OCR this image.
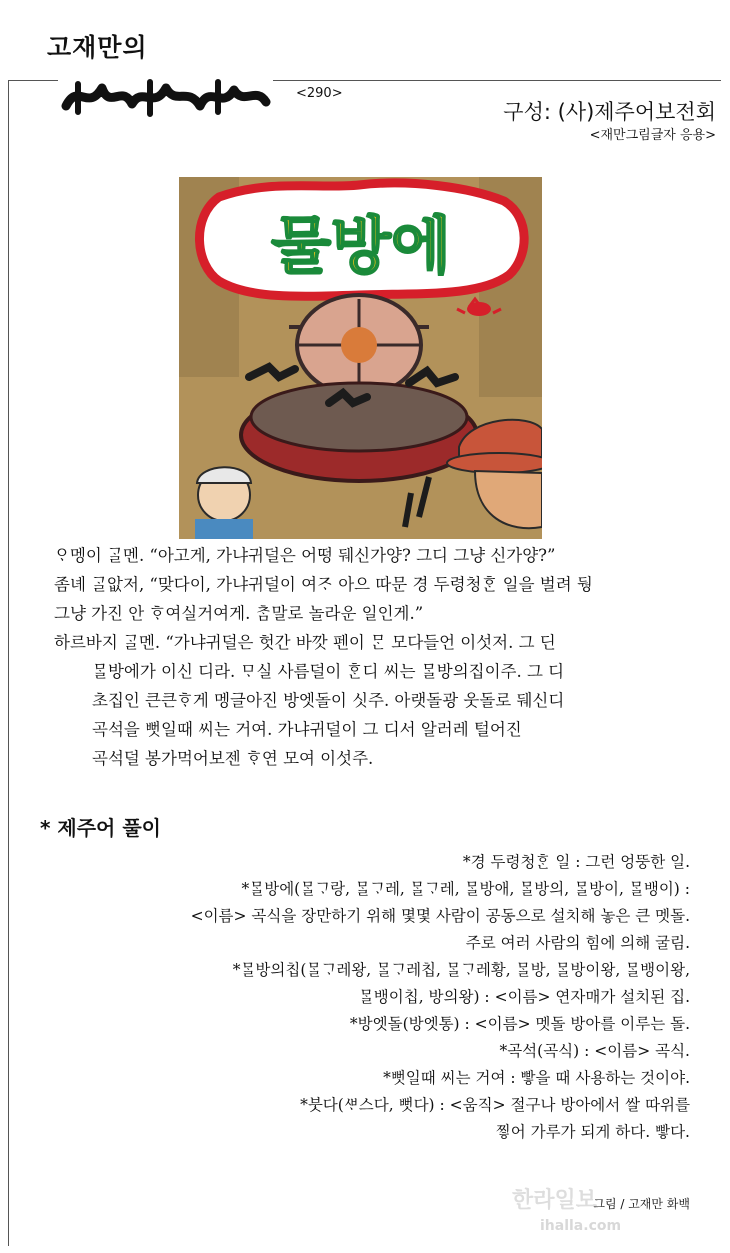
고재만의
<290>
구성: (사)제주어보전회
<재만그림글자 응용>
물방에
ᄋᆞ멩이 ᄀᆞᆯ멘. “아고게, 가냐귀덜은 어떵 뒈신가양? 그디 그냥 신가양?”
좀녜 ᄀᆞᆯ앖저, “맞다이, 가냐귀덜이 여ᄌᆞ 아으 따문 경 두령청ᄒᆞᆫ 일을 벌려 뒁
그냥 가진 안 ᄒᆞ여실거여게. ᄎᆞᆷ말로 놀라운 일인게.”
하르바지 ᄀᆞᆯ멘. “가냐귀덜은 헛간 바깟 펜이 ᄆᆞᆫ 모다들언 이섯저. 그 딘
ᄆᆞᆯ방에가 이신 디라. ᄆᆞ실 사름덜이 ᄒᆞᆫ디 씨는 ᄆᆞᆯ방의집이주. 그 디
초집인 큰큰ᄒᆞ게 멩글아진 방엣돌이 싯주. 아랫돌광 웃돌로 뒈신디
곡석을 뻣일때 씨는 거여. 가냐귀덜이 그 디서 알러레 털어진
곡석덜 봉가먹어보젠 ᄒᆞ연 모여 이섯주.
* 제주어 풀이
*경 두령청ᄒᆞᆫ 일 : 그런 엉뚱한 일.
*ᄆᆞᆯ방에(ᄆᆞᆯᄀᆞ랑, ᄆᆞᆯᄀᆞ레, ᄆᆞᆯᄀᆞ레, ᄆᆞᆯ방애, ᄆᆞᆯ방의, ᄆᆞᆯ방이, ᄆᆞᆯ뱅이) :
<이름> 곡식을 장만하기 위해 몇몇 사람이 공동으로 설치해 놓은 큰 멧돌.
주로 여러 사람의 힘에 의해 굴림.
*ᄆᆞᆯ방의칩(ᄆᆞᆯᄀᆞ레왕, ᄆᆞᆯᄀᆞ레칩, ᄆᆞᆯᄀᆞ레황, ᄆᆞᆯ방, ᄆᆞᆯ방이왕, ᄆᆞᆯ뱅이왕,
ᄆᆞᆯ뱅이칩, 방의왕) : <이름> 연자매가 설치된 집.
*방엣돌(방엣통) : <이름> 멧돌 방아를 이루는 돌.
*곡석(곡식) : <이름> 곡식.
*뻣일때 씨는 거여 : 빻을 때 사용하는 것이야.
*붓다(ᄲᆞ스다, 뻣다) : <움직> 절구나 방아에서 쌀 따위를
찧어 가루가 되게 하다. 빻다.
한라일보
ihalla.com
그림 / 고재만 화백
